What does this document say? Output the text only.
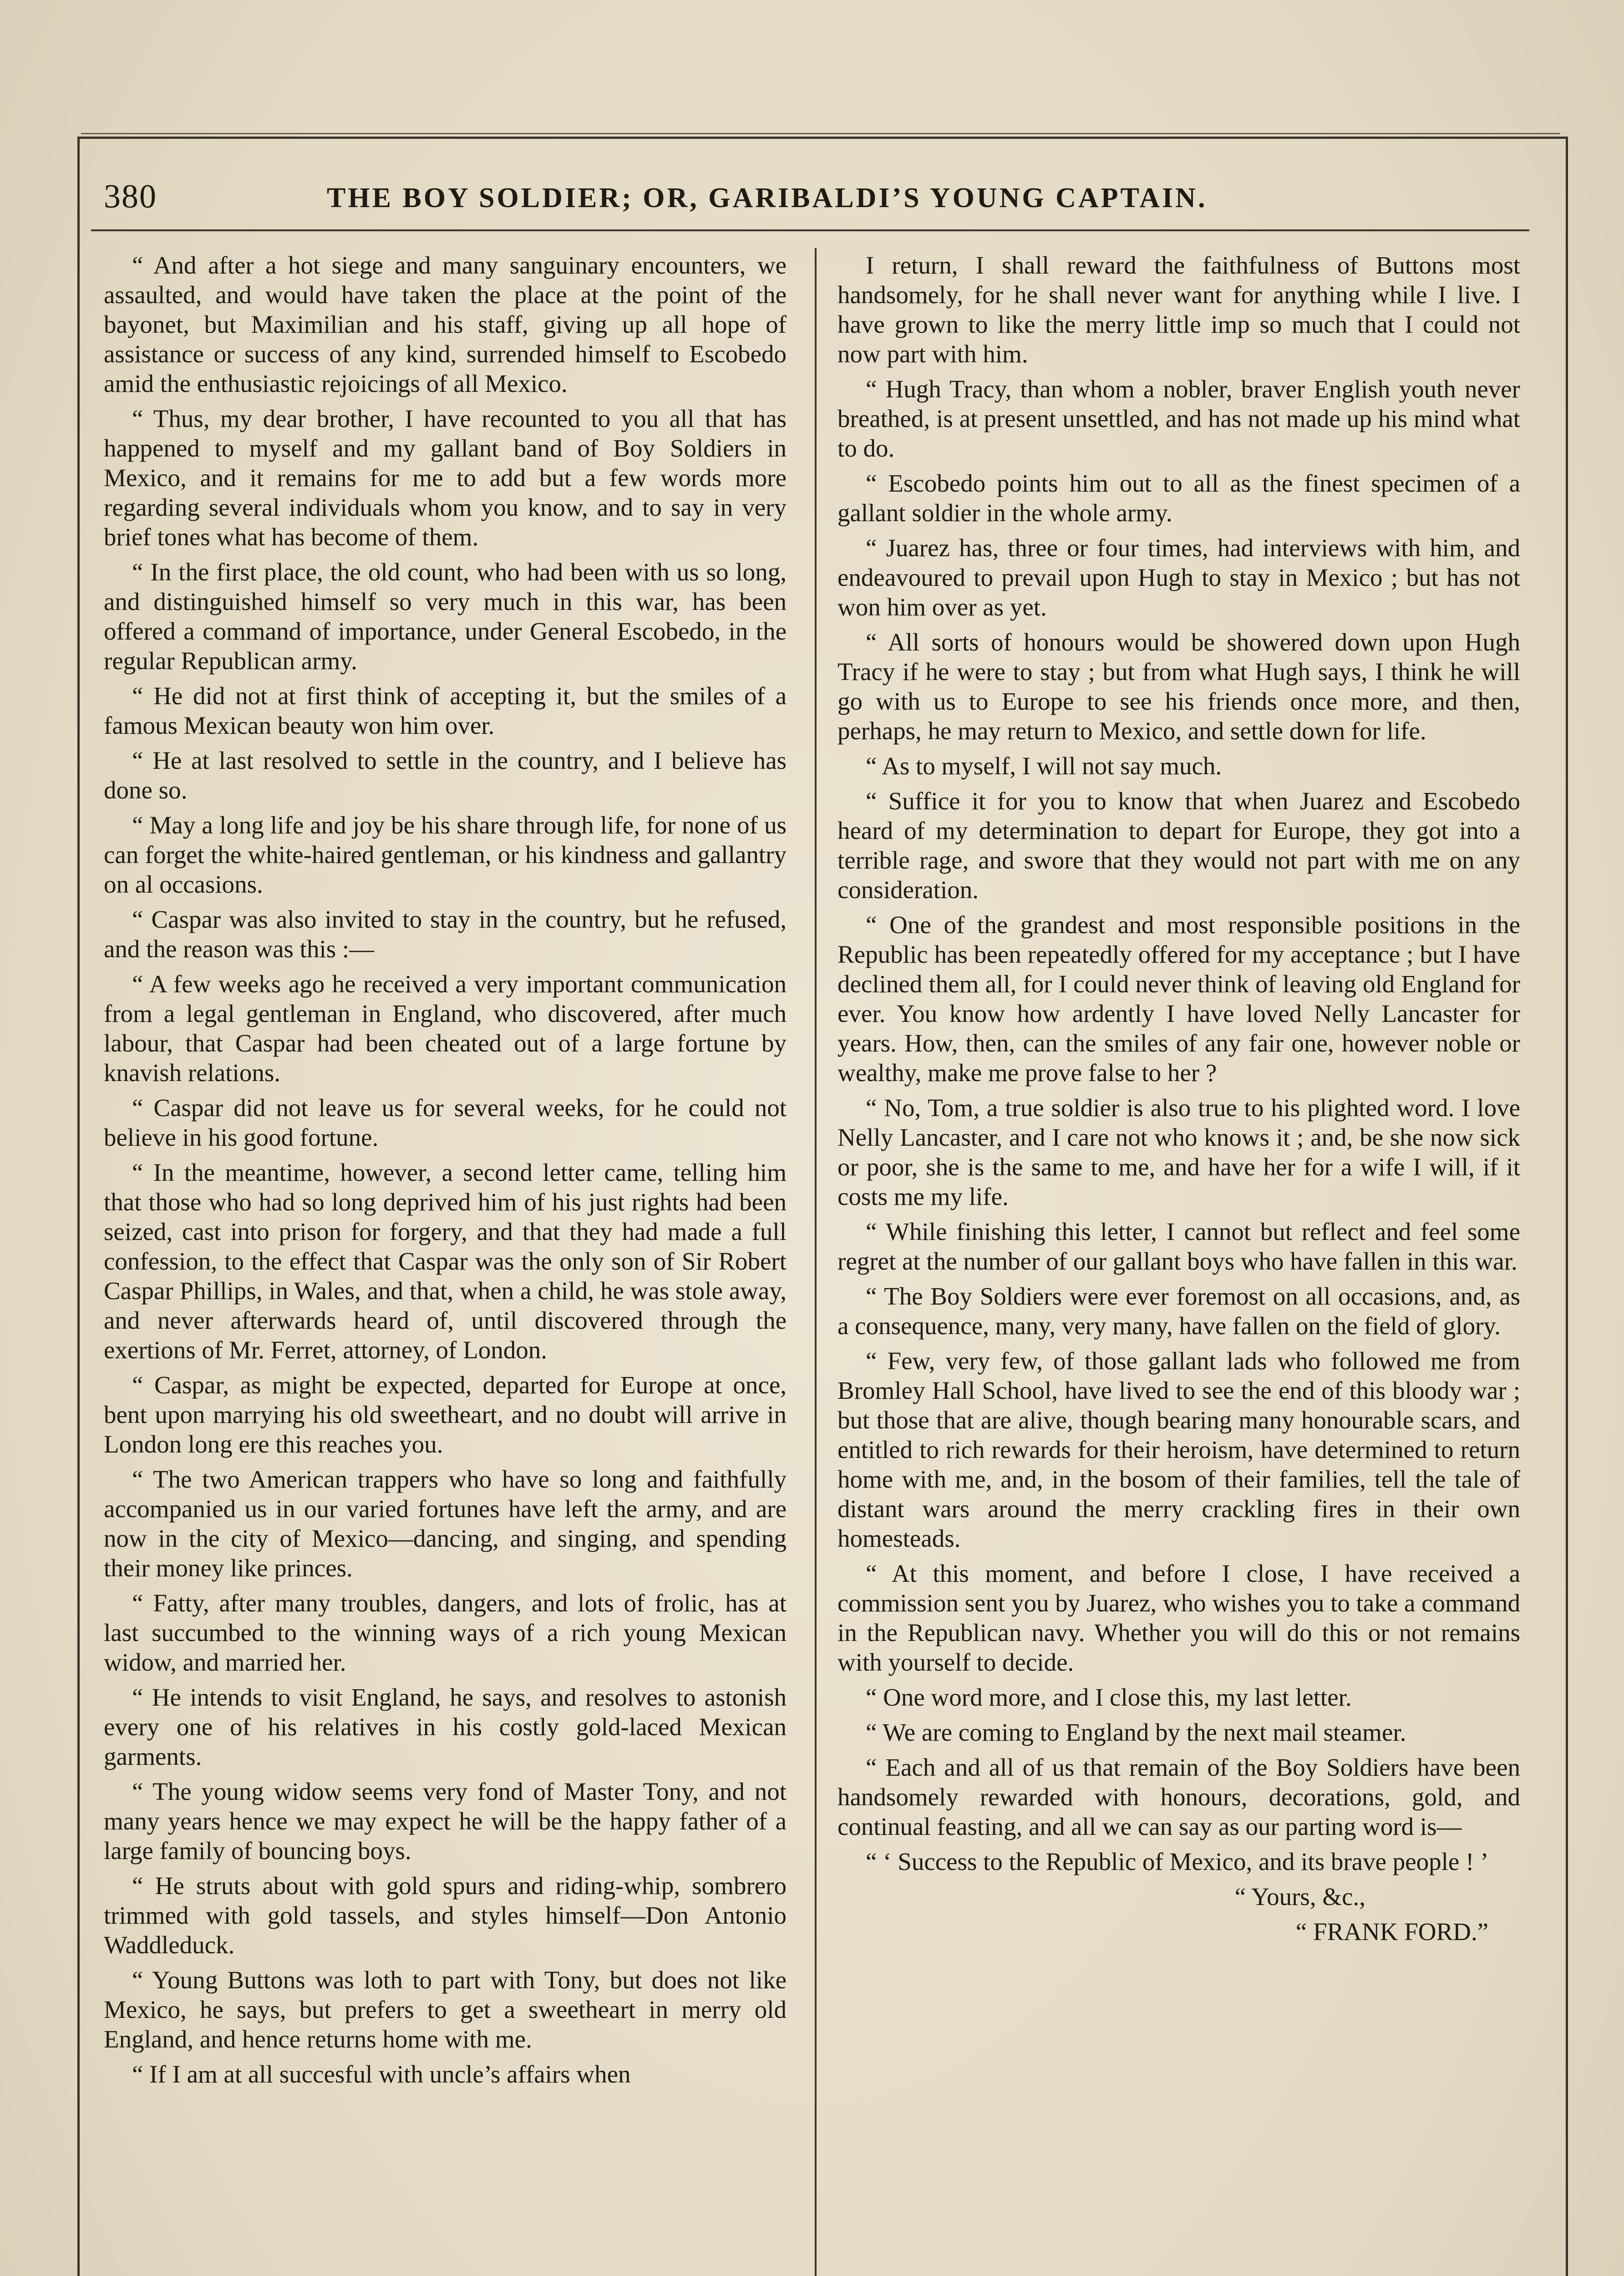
380	THE BOY SOLDIER; OR, GARIBALDI’S YOUNG CAPTAIN.

“ And after a hot siege and many sanguinary encounters, we assaulted, and would have taken the place at the point of the bayonet, but Maximilian and his staff, giving up all hope of assistance or success of any kind, surrended himself to Escobedo amid the enthusiastic rejoicings of all Mexico.

“ Thus, my dear brother, I have recounted to you all that has happened to myself and my gallant band of Boy Soldiers in Mexico, and it remains for me to add but a few words more regarding several individuals whom you know, and to say in very brief tones what has become of them.

“ In the first place, the old count, who had been with us so long, and distinguished himself so very much in this war, has been offered a command of importance, under General Escobedo, in the regular Republican army.

“ He did not at first think of accepting it, but the smiles of a famous Mexican beauty won him over.

“ He at last resolved to settle in the country, and I believe has done so.

“ May a long life and joy be his share through life, for none of us can forget the white-haired gentleman, or his kindness and gallantry on al occasions.

“ Caspar was also invited to stay in the country, but he refused, and the reason was this :—

“ A few weeks ago he received a very important communication from a legal gentleman in England, who discovered, after much labour, that Caspar had been cheated out of a large fortune by knavish relations.

“ Caspar did not leave us for several weeks, for he could not believe in his good fortune.

“ In the meantime, however, a second letter came, telling him that those who had so long deprived him of his just rights had been seized, cast into prison for forgery, and that they had made a full confession, to the effect that Caspar was the only son of Sir Robert Caspar Phillips, in Wales, and that, when a child, he was stole away, and never afterwards heard of, until discovered through the exertions of Mr. Ferret, attorney, of London.

“ Caspar, as might be expected, departed for Europe at once, bent upon marrying his old sweetheart, and no doubt will arrive in London long ere this reaches you.

“ The two American trappers who have so long and faithfully accompanied us in our varied fortunes have left the army, and are now in the city of Mexico—dancing, and singing, and spending their money like princes.

“ Fatty, after many troubles, dangers, and lots of frolic, has at last succumbed to the winning ways of a rich young Mexican widow, and married her.

“ He intends to visit England, he says, and resolves to astonish every one of his relatives in his costly gold-laced Mexican garments.

“ The young widow seems very fond of Master Tony, and not many years hence we may expect he will be the happy father of a large family of bouncing boys.

“ He struts about with gold spurs and riding-whip, sombrero trimmed with gold tassels, and styles himself—Don Antonio Waddleduck.

“ Young Buttons was loth to part with Tony, but does not like Mexico, he says, but prefers to get a sweetheart in merry old England, and hence returns home with me.

“ If I am at all succesful with uncle’s affairs when

I return, I shall reward the faithfulness of Buttons most handsomely, for he shall never want for anything while I live. I have grown to like the merry little imp so much that I could not now part with him.

“ Hugh Tracy, than whom a nobler, braver English youth never breathed, is at present unsettled, and has not made up his mind what to do.

“ Escobedo points him out to all as the finest specimen of a gallant soldier in the whole army.

“ Juarez has, three or four times, had interviews with him, and endeavoured to prevail upon Hugh to stay in Mexico ; but has not won him over as yet.

“ All sorts of honours would be showered down upon Hugh Tracy if he were to stay ; but from what Hugh says, I think he will go with us to Europe to see his friends once more, and then, perhaps, he may return to Mexico, and settle down for life.

“ As to myself, I will not say much.

“ Suffice it for you to know that when Juarez and Escobedo heard of my determination to depart for Europe, they got into a terrible rage, and swore that they would not part with me on any consideration.

“ One of the grandest and most responsible positions in the Republic has been repeatedly offered for my acceptance ; but I have declined them all, for I could never think of leaving old England for ever. You know how ardently I have loved Nelly Lancaster for years. How, then, can the smiles of any fair one, however noble or wealthy, make me prove false to her ?

“ No, Tom, a true soldier is also true to his plighted word. I love Nelly Lancaster, and I care not who knows it ; and, be she now sick or poor, she is the same to me, and have her for a wife I will, if it costs me my life.

“ While finishing this letter, I cannot but reflect and feel some regret at the number of our gallant boys who have fallen in this war.

“ The Boy Soldiers were ever foremost on all occasions, and, as a consequence, many, very many, have fallen on the field of glory.

“ Few, very few, of those gallant lads who followed me from Bromley Hall School, have lived to see the end of this bloody war ; but those that are alive, though bearing many honourable scars, and entitled to rich rewards for their heroism, have determined to return home with me, and, in the bosom of their families, tell the tale of distant wars around the merry crackling fires in their own homesteads.

“ At this moment, and before I close, I have received a commission sent you by Juarez, who wishes you to take a command in the Republican navy. Whether you will do this or not remains with yourself to decide.

“ One word more, and I close this, my last letter.

“ We are coming to England by the next mail steamer.

“ Each and all of us that remain of the Boy Soldiers have been handsomely rewarded with honours, decorations, gold, and continual feasting, and all we can say as our parting word is—

“ ‘ Success to the Republic of Mexico, and its brave people ! ’

“ Yours, &c.,

“ FRANK FORD.”
